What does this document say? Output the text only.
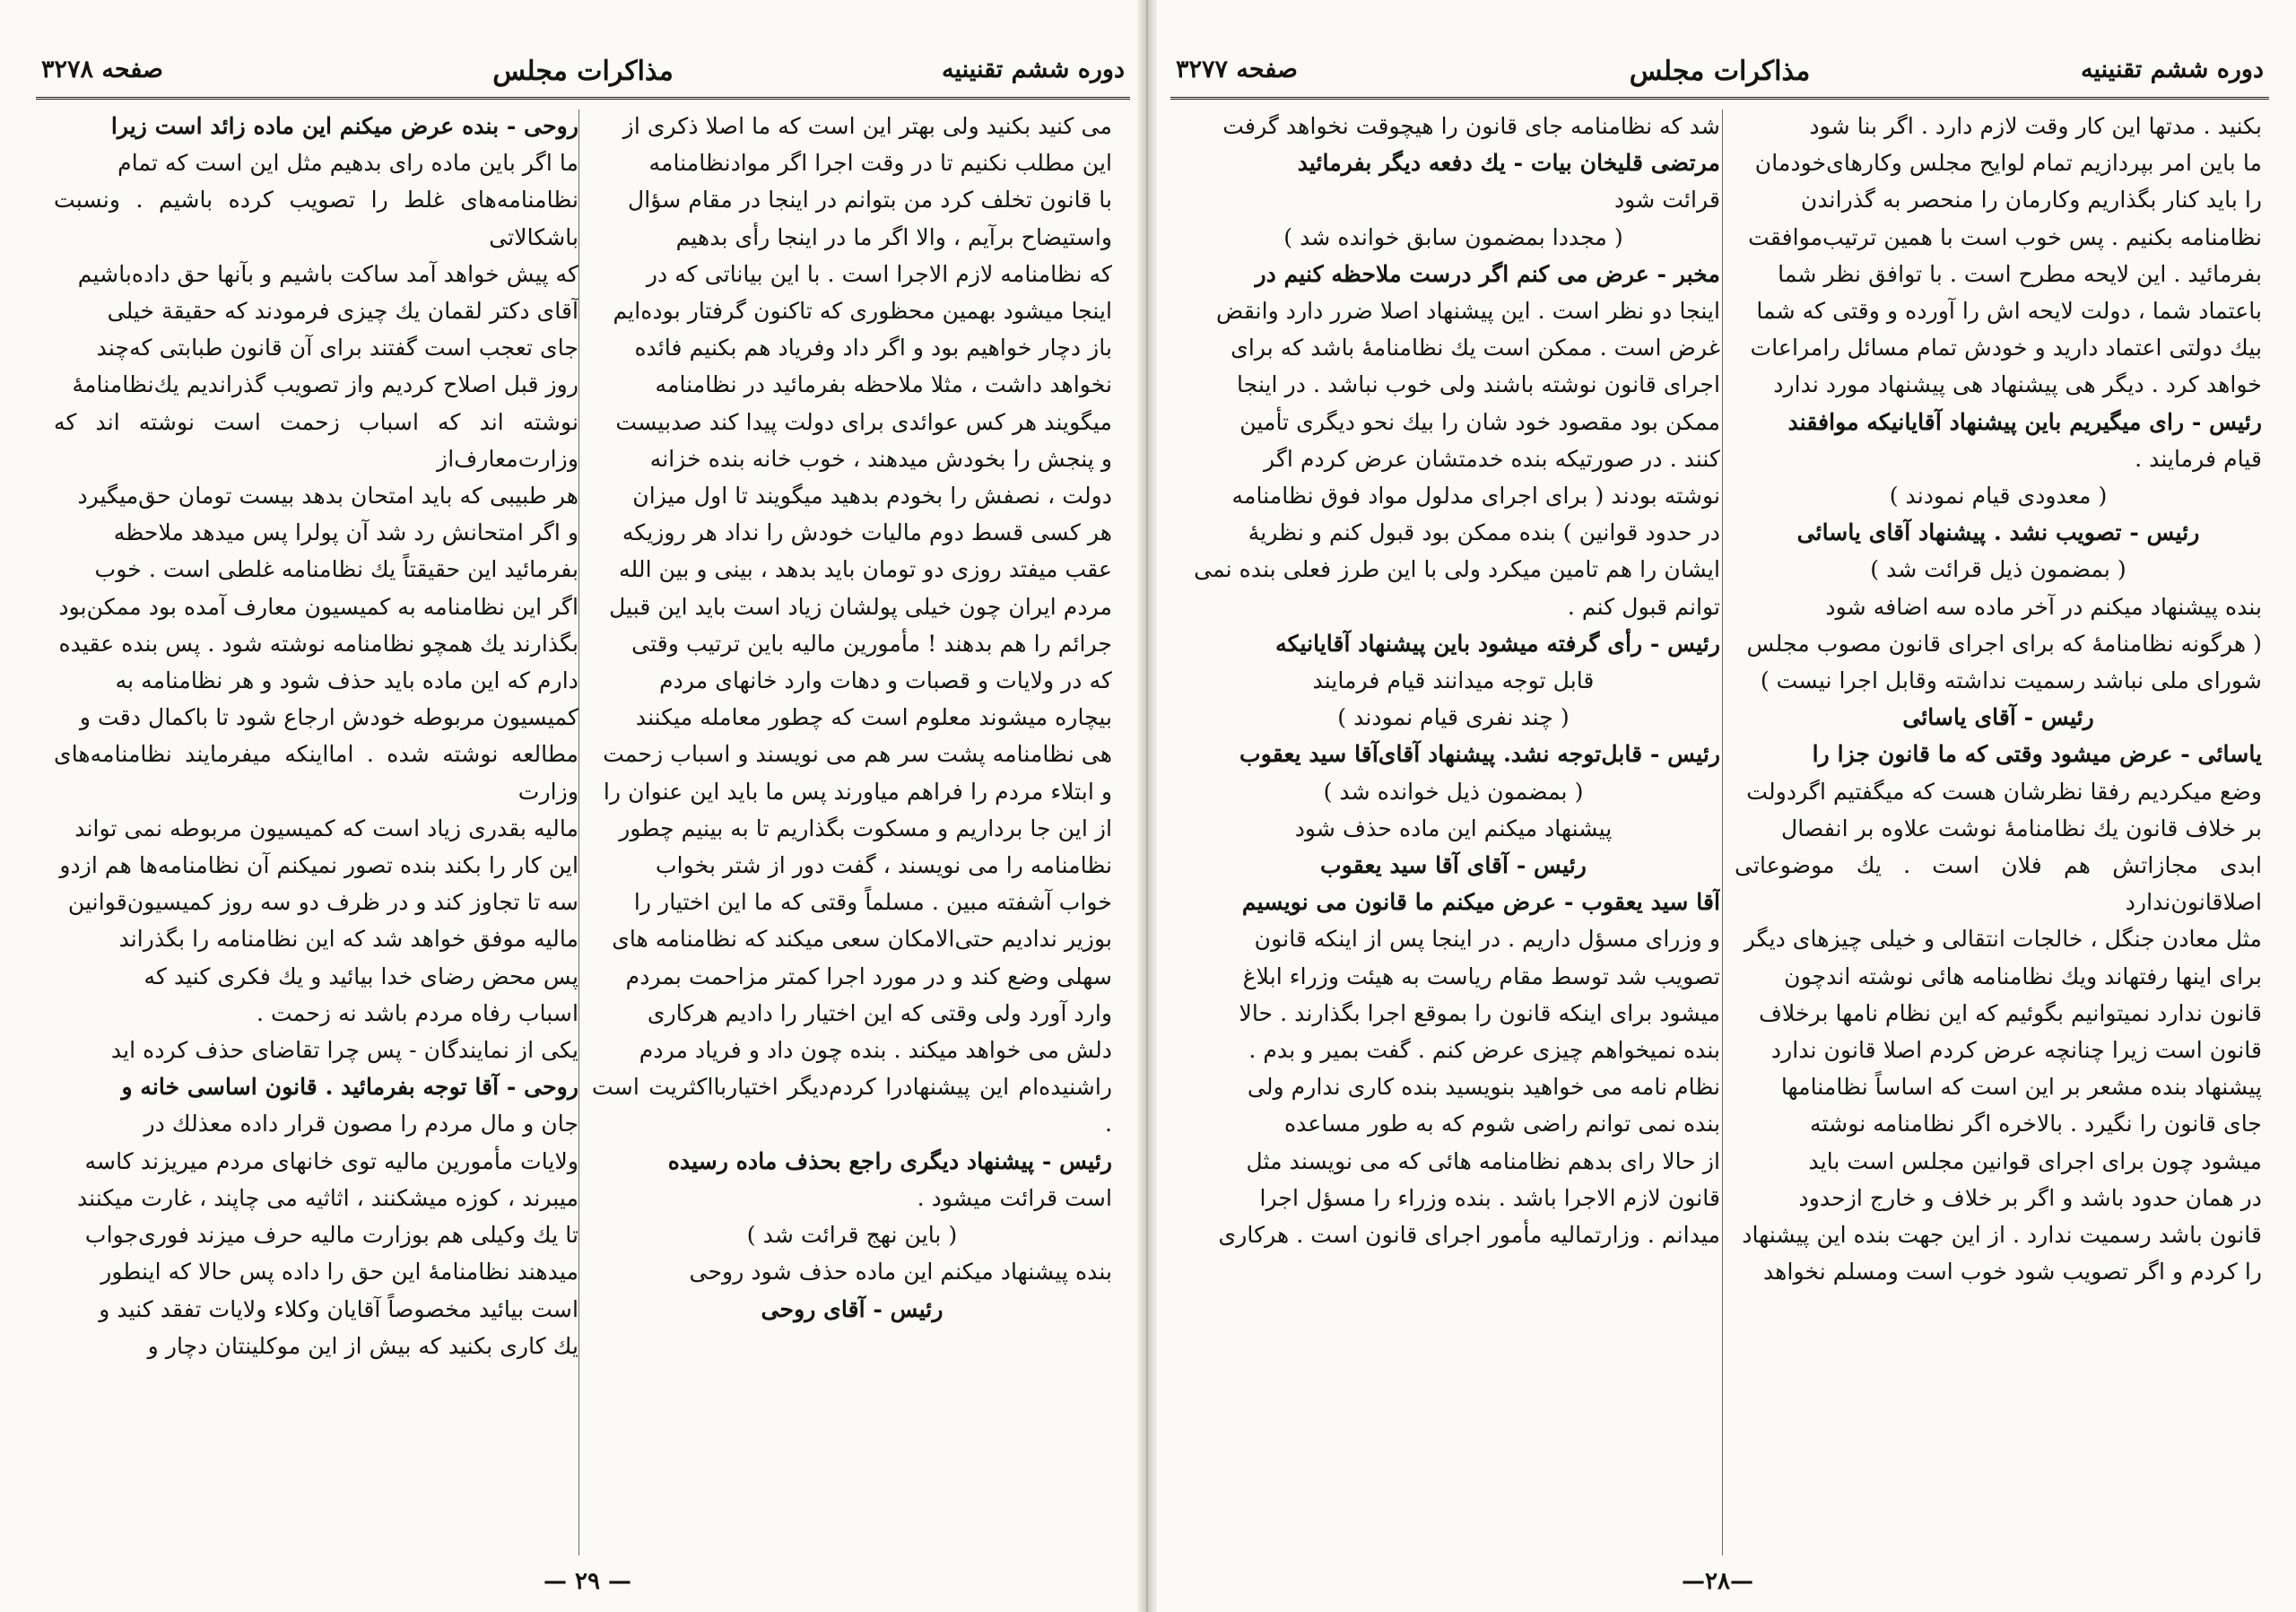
دوره ششم تقنینیه
مذاکرات مجلس
صفحه ۳۲۷۸

می کنید بکنید ولی بهتر این است که ما اصلا ذکری از

این مطلب نکنیم تا در وقت اجرا اگر موادنظامنامه

با قانون تخلف کرد من بتوانم در اینجا در مقام سؤال

واستیضاح برآیم ، والا اگر ما در اینجا رأی بدهیم

که نظامنامه لازم الاجرا است . با این بیاناتی که در

اینجا میشود بهمین محظوری که تاکنون گرفتار بوده‌ایم

باز دچار خواهیم بود و اگر داد وفریاد هم بکنیم فائده

نخواهد داشت ، مثلا ملاحظه بفرمائید در نظامنامه

میگویند هر کس عوائدی برای دولت پیدا کند صدبیست

و پنجش را بخودش میدهند ، خوب خانه بنده خزانه

دولت ، نصفش را بخودم بدهید میگویند تا اول میزان

هر کسی قسط دوم مالیات خودش را نداد هر روزیکه

عقب میفتد روزی دو تومان باید بدهد ، بینی و بین الله

مردم ایران چون خیلی پولشان زیاد است باید این قبیل

جرائم را هم بدهند ! مأمورین مالیه باین ترتیب وقتی

که در ولایات و قصبات و دهات وارد خانهای مردم

بیچاره میشوند معلوم است که چطور معامله میکنند

هی نظامنامه پشت سر هم می نویسند و اسباب زحمت

و ابتلاء مردم را فراهم میاورند پس ما باید این عنوان را

از این جا برداریم و مسکوت بگذاریم تا به بینیم چطور

نظامنامه را می نویسند ، گفت دور از شتر بخواب

خواب آشفته مبین . مسلماً وقتی که ما این اختیار را

بوزیر ندادیم حتی‌الامکان سعی میکند که نظامنامه های

سهلی وضع کند و در مورد اجرا کمتر مزاحمت بمردم

وارد آورد ولی وقتی که این اختیار را دادیم هرکاری

دلش می خواهد میکند . بنده چون داد و فریاد مردم

راشنیده‌ام این پیشنهادرا کردم‌دیگر اختیارباا‌کثریت است .

رئیس - پیشنهاد دیگری راجع بحذف ماده رسیده

است قرائت میشود .

( باین نهج قرائت شد )

بنده پیشنهاد میکنم این ماده حذف شود روحی

رئیس - آقای روحی

روحی - بنده عرض میکنم این ماده زائد است زیرا

ما اگر باین ماده رای بدهیم مثل این است که تمام

نظامنامه‌های غلط را تصویب کرده باشیم . ونسبت باشکالاتی

که پیش خواهد آمد ساکت باشیم و بآنها حق داده‌باشیم

آقای دکتر لقمان یك چیزی فرمودند که حقیقة خیلی

جای تعجب است گفتند برای آن قانون طبابتی که‌چند

روز قبل اصلاح کردیم واز تصویب گذراندیم یك‌نظامنامهٔ

نوشته اند که اسباب زحمت است نوشته اند که وزارت‌معارف‌از

هر طبیبی که باید امتحان بدهد بیست تومان حق‌میگیرد

و اگر امتحانش رد شد آن پولرا پس میدهد ملاحظه

بفرمائید این حقیقتاً یك نظامنامه غلطی است . خوب

اگر این نظامنامه به کمیسیون معارف آمده بود ممکن‌بود

بگذارند یك همچو نظامنامه نوشته شود . پس بنده عقیده

دارم که این ماده باید حذف شود و هر نظامنامه به

کمیسیون مربوطه خودش ارجاع شود تا باکمال دقت و

مطالعه نوشته شده . امااینکه میفرمایند نظامنامه‌های وزارت

مالیه بقدری زیاد است که کمیسیون مربوطه نمی تواند

این کار را بکند بنده تصور نمیکنم آن نظامنامه‌ها هم ازدو

سه تا تجاوز کند و در ظرف دو سه روز کمیسیون‌قوانین

مالیه موفق خواهد شد که این نظامنامه را بگذراند

پس محض رضای خدا بیائید و یك فکری کنید که

اسباب رفاه مردم باشد نه زحمت .

یکی از نمایندگان - پس چرا تقاضای حذف کرده اید

روحی - آقا توجه بفرمائید . قانون اساسی خانه و

جان و مال مردم را مصون قرار داده معذلك در

ولایات مأمورین مالیه توی خانهای مردم میریزند کاسه

میبرند ، کوزه میشکنند ، اثاثیه می چاپند ، غارت میکنند

تا یك وکیلی هم بوزارت مالیه حرف میزند فوری‌جواب

میدهند نظامنامهٔ این حق را داده پس حالا که اینطور

است بیائید مخصوصاً آقایان وکلاء ولایات تفقد کنید و

یك کاری بکنید که بیش از این موکلینتان دچار و

— ۲۹ —
دوره ششم تقنینیه
مذاکرات مجلس
صفحه ۳۲۷۷

بکنید . مدتها این کار وقت لازم دارد . اگر بنا شود

ما باین امر بپردازیم تمام لوایح مجلس وکارهای‌خودمان

را باید کنار بگذاریم وکارمان را منحصر به گذراندن

نظامنامه بکنیم . پس خوب است با همین ترتیب‌موافقت

بفرمائید . این لایحه مطرح است . با توافق نظر شما

باعتماد شما ، دولت لایحه اش را آورده و وقتی که شما

بیك دولتی اعتماد دارید و خودش تمام مسائل رامراعات

خواهد کرد . دیگر هی پیشنهاد هی پیشنهاد مورد ندارد

رئیس - رای میگیریم باین پیشنهاد آقایانیکه موافقند

قیام فرمایند .

( معدودی قیام نمودند )

رئیس - تصویب نشد . پیشنهاد آقای یاسائی

( بمضمون ذیل قرائت شد )

بنده پیشنهاد میکنم در آخر ماده سه اضافه شود

( هرگونه نظامنامهٔ که برای اجرای قانون مصوب مجلس

شورای ملی نباشد رسمیت نداشته وقابل اجرا نیست )

رئیس - آقای یاسائی

یاسائی - عرض میشود وقتی که ما قانون جزا را

وضع میکردیم رفقا نظرشان هست که میگفتیم اگردولت

بر خلاف قانون یك نظامنامهٔ نوشت علاوه بر انفصال

ابدی مجازاتش هم فلان است . یك موضوعاتی اصلاقانون‌ندارد

مثل معادن جنگل ، خالجات انتقالی و خیلی چیزهای دیگر

برای اینها رفتهاند ویك نظامنامه هائی نوشته اندچون

قانون ندارد نمیتوانیم بگوئیم که این نظام نامها برخلاف

قانون است زیرا چنانچه عرض کردم اصلا قانون ندارد

پیشنهاد بنده مشعر بر این است که اساساً نظامنامها

جای قانون را نگیرد . بالاخره اگر نظامنامه نوشته

میشود چون برای اجرای قوانین مجلس است باید

در همان حدود باشد و اگر بر خلاف و خارج ازحدود

قانون باشد رسمیت ندارد . از این جهت بنده این پیشنهاد

را کردم و اگر تصویب شود خوب است ومسلم نخواهد

شد که نظامنامه جای قانون را هیچوقت نخواهد گرفت

مرتضی قلیخان بیات - یك دفعه دیگر بفرمائید

قرائت شود

( مجددا بمضمون سابق خوانده شد )

مخبر - عرض می کنم اگر درست ملاحظه کنیم در

اینجا دو نظر است . این پیشنهاد اصلا ضرر دارد وانقض

غرض است . ممکن است یك نظامنامهٔ باشد که برای

اجرای قانون نوشته باشند ولی خوب نباشد . در اینجا

ممکن بود مقصود خود شان را بیك نحو دیگری تأمین

کنند . در صورتیکه بنده خدمتشان عرض کردم اگر

نوشته بودند ( برای اجرای مدلول مواد فوق نظامنامه

در حدود قوانین ) بنده ممکن بود قبول کنم و نظریهٔ

ایشان را هم تامین میکرد ولی با این طرز فعلی بنده نمی

توانم قبول کنم .

رئیس - رأی گرفته میشود باین پیشنهاد آقایانیکه

قابل توجه میدانند قیام فرمایند

( چند نفری قیام نمودند )

رئیس - قابل‌توجه نشد. پیشنهاد آقای‌آقا سید یعقوب

( بمضمون ذیل خوانده شد )

پیشنهاد میکنم این ماده حذف شود

رئیس - آقای آقا سید یعقوب

آقا سید یعقوب - عرض میکنم ما قانون می نویسیم

و وزرای مسؤل داریم . در اینجا پس از اینکه قانون

تصویب شد توسط مقام ریاست به هیئت وزراء ابلاغ

میشود برای اینکه قانون را بموقع اجرا بگذارند . حالا

بنده نمیخواهم چیزی عرض کنم . گفت بمیر و بدم .

نظام نامه می خواهید بنویسید بنده کاری ندارم ولی

بنده نمی توانم راضی شوم که به طور مساعده

از حالا رای بدهم نظامنامه هائی که می نویسند مثل

قانون لازم الاجرا باشد . بنده وزراء را مسؤل اجرا

میدانم . وزارتمالیه مأمور اجرای قانون است . هرکاری

—۲۸—
